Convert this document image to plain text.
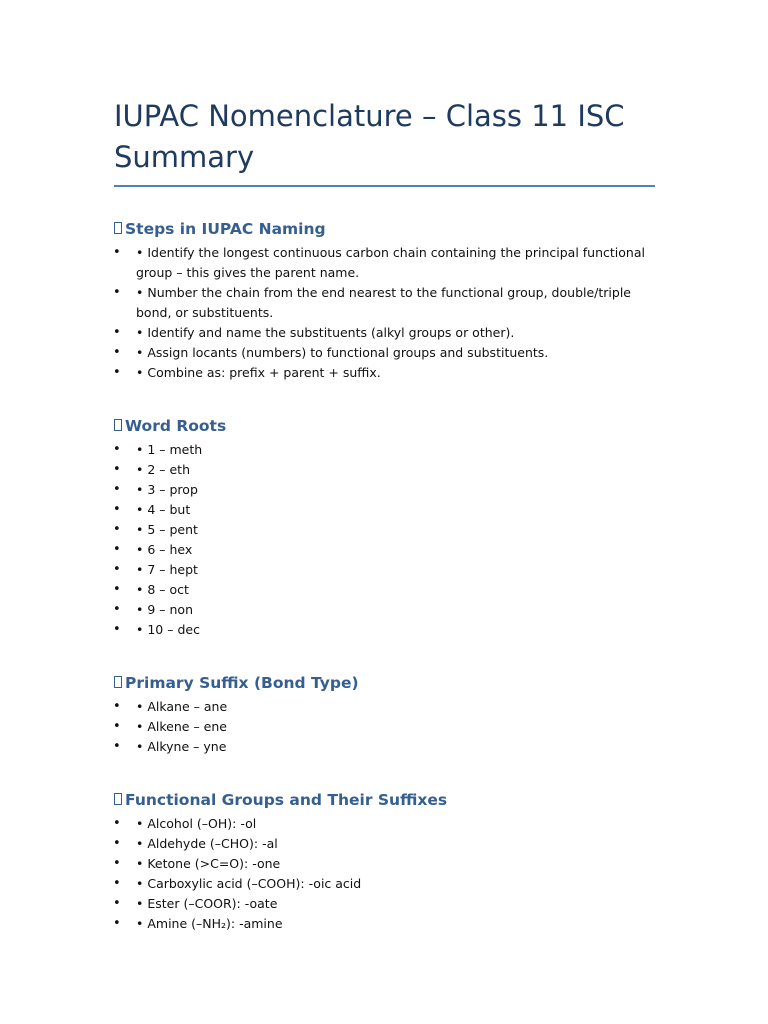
IUPAC Nomenclature – Class 11 ISC Summary
Steps in IUPAC Naming
• • Identify the longest continuous carbon chain containing the principal functional group – this gives the parent name.
• • Number the chain from the end nearest to the functional group, double/triple bond, or substituents.
• • Identify and name the substituents (alkyl groups or other).
• • Assign locants (numbers) to functional groups and substituents.
• • Combine as: prefix + parent + suffix.
Word Roots
• • 1 – meth
• • 2 – eth
• • 3 – prop
• • 4 – but
• • 5 – pent
• • 6 – hex
• • 7 – hept
• • 8 – oct
• • 9 – non
• • 10 – dec
Primary Suffix (Bond Type)
• • Alkane – ane
• • Alkene – ene
• • Alkyne – yne
Functional Groups and Their Suffixes
• • Alcohol (–OH): -ol
• • Aldehyde (–CHO): -al
• • Ketone (>C=O): -one
• • Carboxylic acid (–COOH): -oic acid
• • Ester (–COOR): -oate
• • Amine (–NH₂): -amine
